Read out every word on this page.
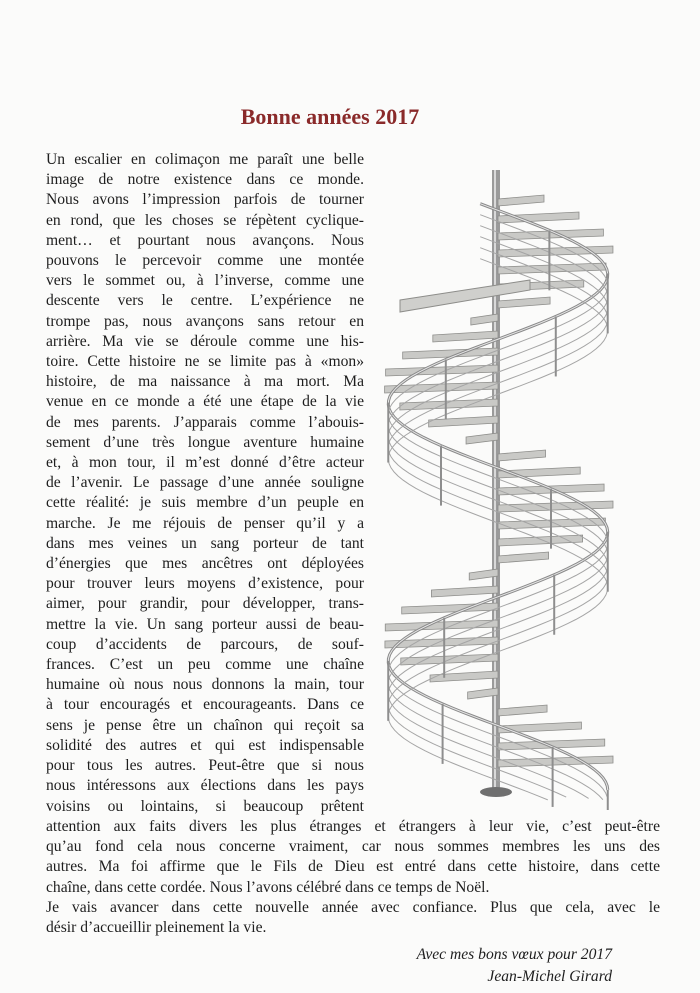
Bonne années 2017
Un escalier en colimaçon me paraît une belle
image de notre existence dans ce monde.
Nous avons l’impression parfois de tourner
en rond, que les choses se répètent cyclique-
ment… et pourtant nous avançons. Nous
pouvons le percevoir comme une montée
vers le sommet ou, à l’inverse, comme une
descente vers le centre. L’expérience ne
trompe pas, nous avançons sans retour en
arrière. Ma vie se déroule comme une his-
toire. Cette histoire ne se limite pas à «mon»
histoire, de ma naissance à ma mort. Ma
venue en ce monde a été une étape de la vie
de mes parents. J’apparais comme l’abouis-
sement d’une très longue aventure humaine
et, à mon tour, il m’est donné d’être acteur
de l’avenir. Le passage d’une année souligne
cette réalité: je suis membre d’un peuple en
marche. Je me réjouis de penser qu’il y a
dans mes veines un sang porteur de tant
d’énergies que mes ancêtres ont déployées
pour trouver leurs moyens d’existence, pour
aimer, pour grandir, pour développer, trans-
mettre la vie. Un sang porteur aussi de beau-
coup d’accidents de parcours, de souf-
frances. C’est un peu comme une chaîne
humaine où nous nous donnons la main, tour
à tour encouragés et encourageants. Dans ce
sens je pense être un chaînon qui reçoit sa
solidité des autres et qui est indispensable
pour tous les autres. Peut-être que si nous
nous intéressons aux élections dans les pays
voisins ou lointains, si beaucoup prêtent
attention aux faits divers les plus étranges et étrangers à leur vie, c’est peut-être
qu’au fond cela nous concerne vraiment, car nous sommes membres les uns des
autres. Ma foi affirme que le Fils de Dieu est entré dans cette histoire, dans cette
chaîne, dans cette cordée. Nous l’avons célébré dans ce temps de Noël.
Je vais avancer dans cette nouvelle année avec confiance. Plus que cela, avec le
désir d’accueillir pleinement la vie.
Avec mes bons vœux pour 2017
Jean-Michel Girard
